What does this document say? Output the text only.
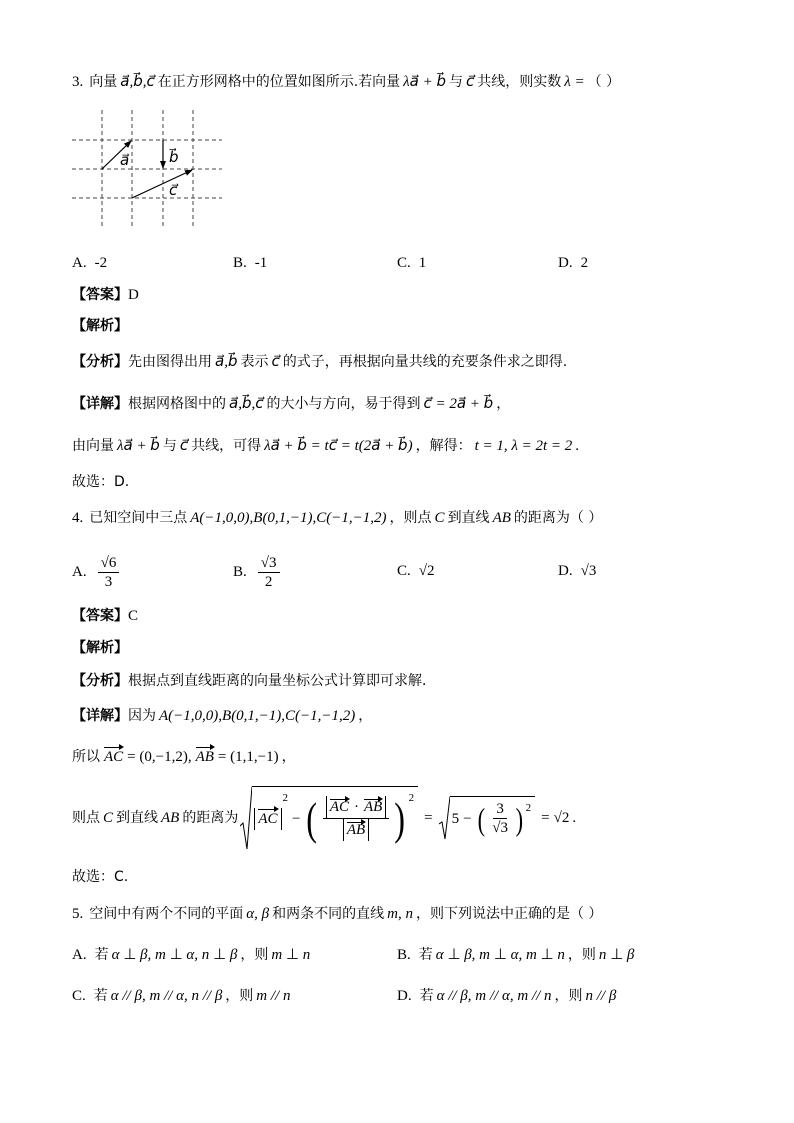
3. 向量 a⃗,b⃗,c⃗ 在正方形网格中的位置如图所示.若向量 λa⃗ + b⃗ 与 c⃗ 共线，则实数 λ = （ ）
a⃗	b⃗
c⃗
A. -2	B. -1	C. 1	D. 2
【答案】 D
【解析】
【分析】 先由图得出用 a⃗,b⃗ 表示 c⃗ 的式子，再根据向量共线的充要条件求之即得.
【详解】 根据网格图中的 a⃗,b⃗,c⃗ 的大小与方向，易于得到 c⃗ = 2a⃗ + b⃗ ，
由向量 λa⃗ + b⃗ 与 c⃗ 共线，可得 λa⃗ + b⃗ = tc⃗ = t(2a⃗ + b⃗) ，解得： t = 1, λ = 2t = 2 .
故选：D.
4. 已知空间中三点 A(−1,0,0),B(0,1,−1),C(−1,−1,2) ，则点 C 到直线 AB 的距离为（ ）
A. $\frac{√6}{3}$	B. $\frac{√3}{2}$	C. √2	D. √3
【答案】 C
【解析】
【分析】 根据点到直线距离的向量坐标公式计算即可求解．
【详解】 因为 A(−1,0,0),B(0,1,−1),C(−1,−1,2) ，
所以 AC = (0,−1,2), AB = (1,1,−1) ，
则点 C 到直线 AB 的距离为 AC
2
− ( $\frac{AC \cdot AB}{AB}$ ) 2
= 5 − ( $\frac{3}{√3}$ ) 2
= √2 .
故选：C.
5. 空间中有两个不同的平面 α, β 和两条不同的直线 m, n ，则下列说法中正确的是（ ）
A. 若 α ⊥ β, m ⊥ α, n ⊥ β ，则 m ⊥ n	B. 若 α ⊥ β, m ⊥ α, m ⊥ n ，则 n ⊥ β
C. 若 α // β, m // α, n // β ，则 m // n	D. 若 α // β, m // α, m // n ，则 n // β
